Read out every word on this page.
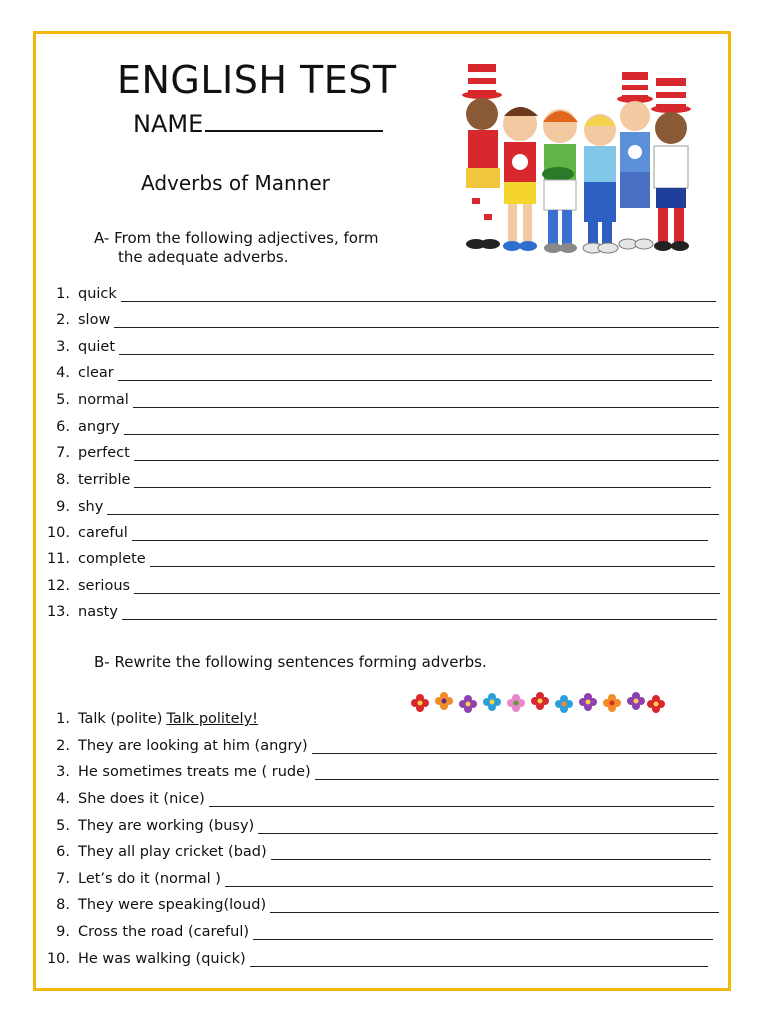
ENGLISH TEST
NAME
Adverbs of Manner
A- From the following adjectives, form
the adequate adverbs.
1. quick
2. slow
3. quiet
4. clear
5. normal
6. angry
7. perfect
8. terrible
9. shy
10. careful
11. complete
12. serious
13. nasty
B- Rewrite the following sentences forming adverbs.
1. Talk (polite) Talk politely!
2. They are looking at him (angry)
3. He sometimes treats me ( rude)
4. She does it (nice)
5. They are working (busy)
6. They all play cricket (bad)
7. Let’s do it (normal )
8. They were speaking(loud)
9. Cross the road (careful)
10. He was walking (quick)
